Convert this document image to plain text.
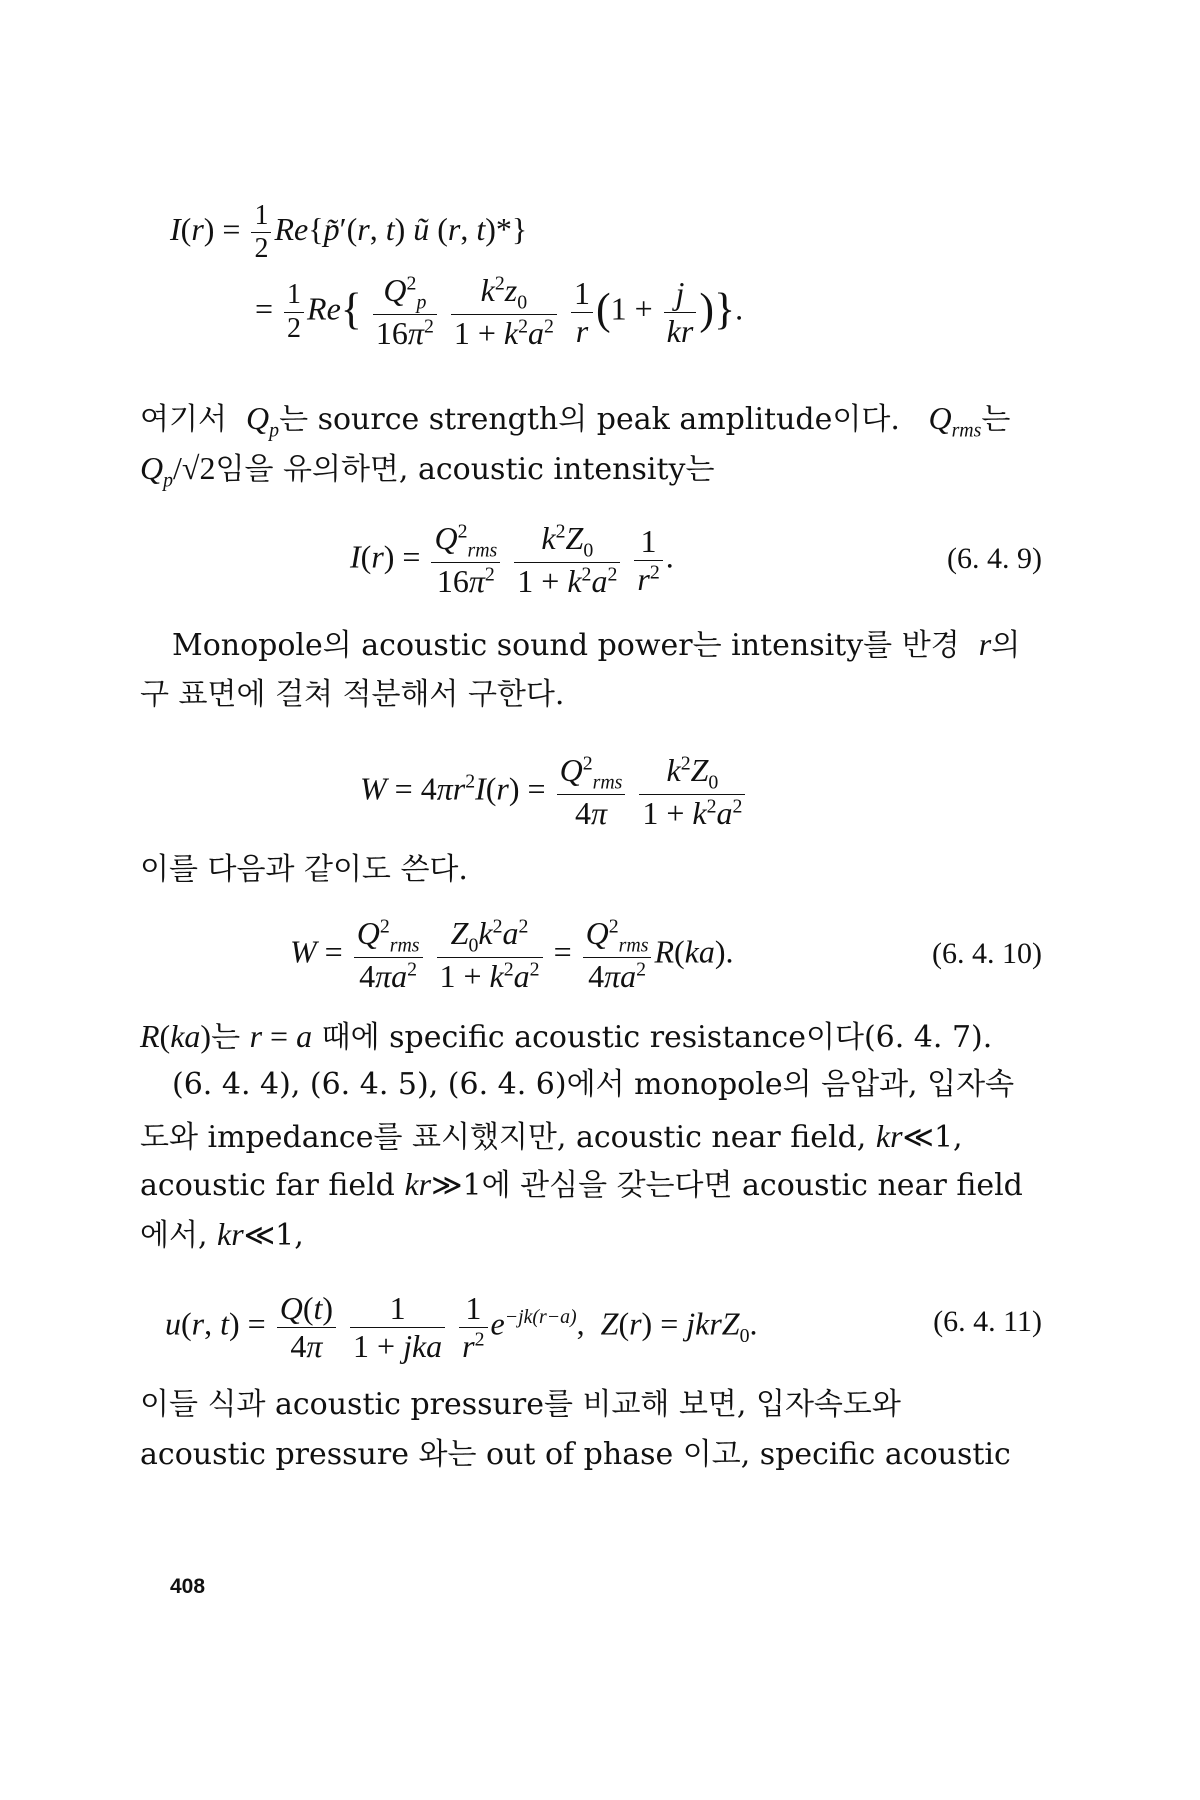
$I(r) = \frac{1}{2}$ Re{p̃′(r, t) ũ (r, t)*}
= $\frac{1}{2} Re\{ \frac{Q^2_p}{16\pi^2}$
$\frac{k^2z_0}{1 + k^2a^2}$
$\frac{1}{r} (1 + \frac{j}{kr}$ )}.
여기서 $Q_p$는 source strength의 peak amplitude이다. $Q_{rms}$는
$Q_p/√2$임을 유의하면, acoustic intensity는
$I(r) = \frac{Q^2_{rms}}{16\pi^2}$
$\frac{k^2Z_0}{1 + k^2a^2}$
$\frac{1}{r^2}$ .	(6. 4. 9)
Monopole의 acoustic sound power는 intensity를 반경 r의
구 표면에 걸쳐 적분해서 구한다.
$W = 4\pi r^2I(r) = \frac{Q^2_{rms}}{4\pi}$
$\frac{k^2Z_0}{1 + k^2a^2}$
이를 다음과 같이도 쓴다.
$W = \frac{Q^2_{rms}}{4\pi a^2}$
$\frac{Z_0k^2a^2}{1 + k^2a^2} = \frac{Q^2_{rms}}{4\pi a^2} R(ka)$.	(6. 4. 10)
R(ka)는 r = a 때에 specific acoustic resistance이다(6. 4. 7).
(6. 4. 4), (6. 4. 5), (6. 4. 6)에서 monopole의 음압과, 입자속
도와 impedance를 표시했지만, acoustic near field, kr≪1,
acoustic far field kr≫1에 관심을 갖는다면 acoustic near field
에서, kr≪1,
u(r, $t) = \frac{Q(t)}{4\pi}$
$\frac{1}{\text{1 + jka}}$
$\frac{1}{r^2} e^{-jk(r-a)}$,  Z(r) = jkrZ$_0$.	(6. 4. 11)
이들 식과 acoustic pressure를 비교해 보면, 입자속도와
acoustic pressure 와는 out of phase 이고, specific acoustic
408
